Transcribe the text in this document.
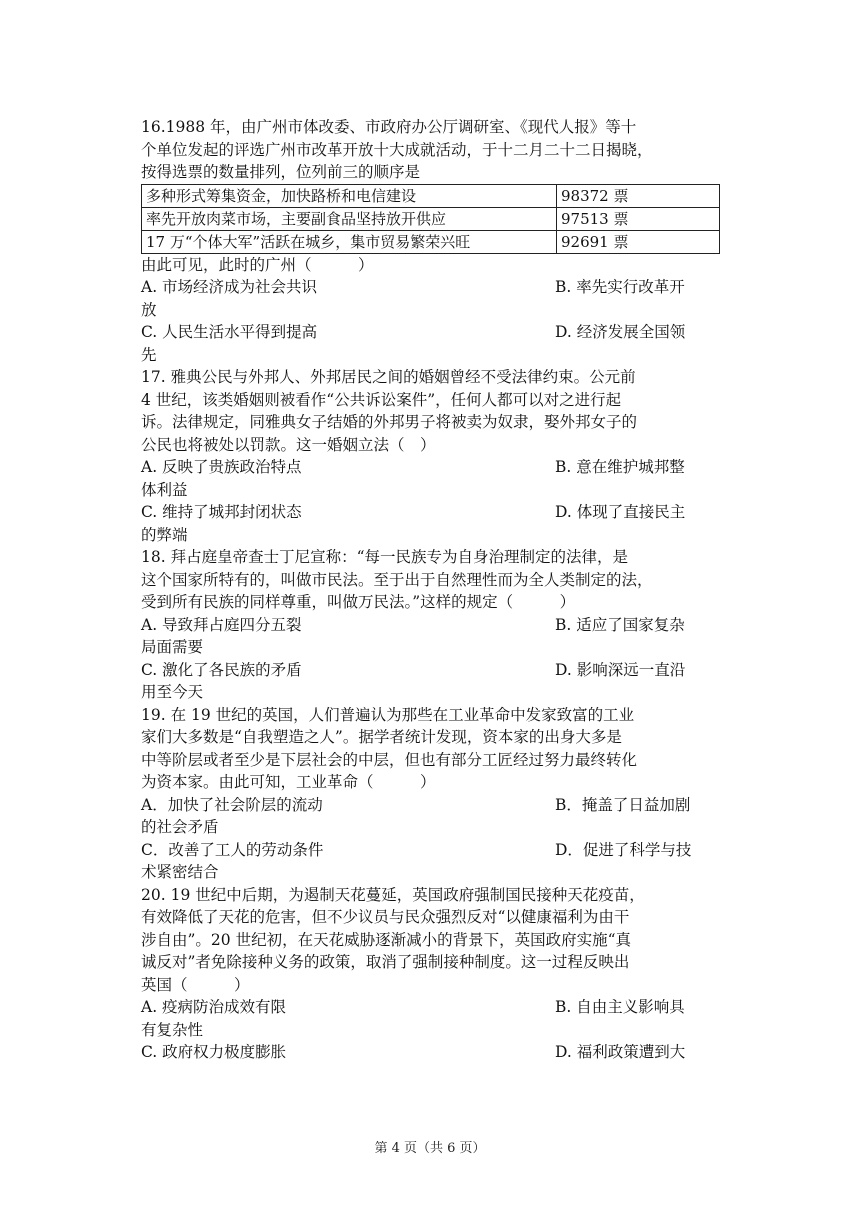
16.1988 年，由广州市体改委、市政府办公厅调研室、《现代人报》等十
个单位发起的评选广州市改革开放十大成就活动，于十二月二十二日揭晓，
按得选票的数量排列，位列前三的顺序是
多种形式筹集资金，加快路桥和电信建设	98372 票
率先开放肉菜市场，主要副食品坚持放开供应	97513 票
17 万“个体大军”活跃在城乡，集市贸易繁荣兴旺	92691 票
由此可见，此时的广州（　　　）
A. 市场经济成为社会共识	B. 率先实行改革开
放
C. 人民生活水平得到提高	D. 经济发展全国领
先
17. 雅典公民与外邦人、外邦居民之间的婚姻曾经不受法律约束。公元前
4 世纪，该类婚姻则被看作“公共诉讼案件”，任何人都可以对之进行起
诉。法律规定，同雅典女子结婚的外邦男子将被卖为奴隶，娶外邦女子的
公民也将被处以罚款。这一婚姻立法（　）
A. 反映了贵族政治特点	B. 意在维护城邦整
体利益
C. 维持了城邦封闭状态	D. 体现了直接民主
的弊端
18. 拜占庭皇帝查士丁尼宣称：“每一民族专为自身治理制定的法律，是
这个国家所特有的，叫做市民法。至于出于自然理性而为全人类制定的法，
受到所有民族的同样尊重，叫做万民法。”这样的规定（　　　）
A. 导致拜占庭四分五裂	B. 适应了国家复杂
局面需要
C. 激化了各民族的矛盾	D. 影响深远一直沿
用至今天
19. 在 19 世纪的英国，人们普遍认为那些在工业革命中发家致富的工业
家们大多数是“自我塑造之人”。据学者统计发现，资本家的出身大多是
中等阶层或者至少是下层社会的中层，但也有部分工匠经过努力最终转化
为资本家。由此可知，工业革命（　　　）
A．加快了社会阶层的流动	B．掩盖了日益加剧
的社会矛盾
C．改善了工人的劳动条件	D．促进了科学与技
术紧密结合
20. 19 世纪中后期，为遏制天花蔓延，英国政府强制国民接种天花疫苗，
有效降低了天花的危害，但不少议员与民众强烈反对“以健康福利为由干
涉自由”。20 世纪初，在天花威胁逐渐减小的背景下，英国政府实施“真
诚反对”者免除接种义务的政策，取消了强制接种制度。这一过程反映出
英国（　　　）
A. 疫病防治成效有限	B. 自由主义影响具
有复杂性
C. 政府权力极度膨胀	D. 福利政策遭到大
第 4 页（共 6 页）
